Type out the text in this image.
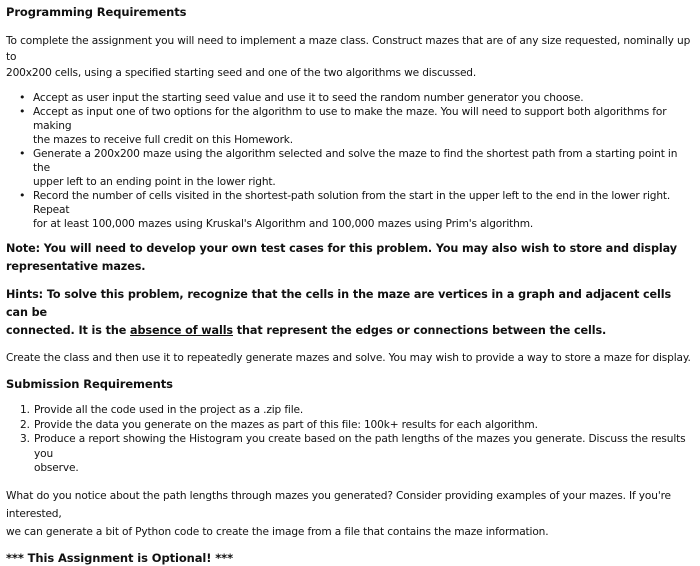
Programming Requirements

To complete the assignment you will need to implement a maze class. Construct mazes that are of any size requested, nominally up to

200x200 cells, using a specified starting seed and one of the two algorithms we discussed.

• Accept as user input the starting seed value and use it to seed the random number generator you choose.
• Accept as input one of two options for the algorithm to use to make the maze. You will need to support both algorithms for making
the mazes to receive full credit on this Homework.
• Generate a 200x200 maze using the algorithm selected and solve the maze to find the shortest path from a starting point in the
upper left to an ending point in the lower right.
• Record the number of cells visited in the shortest-path solution from the start in the upper left to the end in the lower right. Repeat
for at least 100,000 mazes using Kruskal's Algorithm and 100,000 mazes using Prim's algorithm.

Note: You will need to develop your own test cases for this problem. You may also wish to store and display

representative mazes.

Hints: To solve this problem, recognize that the cells in the maze are vertices in a graph and adjacent cells can be

connected. It is the absence of walls that represent the edges or connections between the cells.

Create the class and then use it to repeatedly generate mazes and solve. You may wish to provide a way to store a maze for display.

Submission Requirements

1. Provide all the code used in the project as a .zip file.
2. Provide the data you generate on the mazes as part of this file: 100k+ results for each algorithm.
3. Produce a report showing the Histogram you create based on the path lengths of the mazes you generate. Discuss the results you
observe.

What do you notice about the path lengths through mazes you generated? Consider providing examples of your mazes. If you're interested,

we can generate a bit of Python code to create the image from a file that contains the maze information.

*** This Assignment is Optional! ***
